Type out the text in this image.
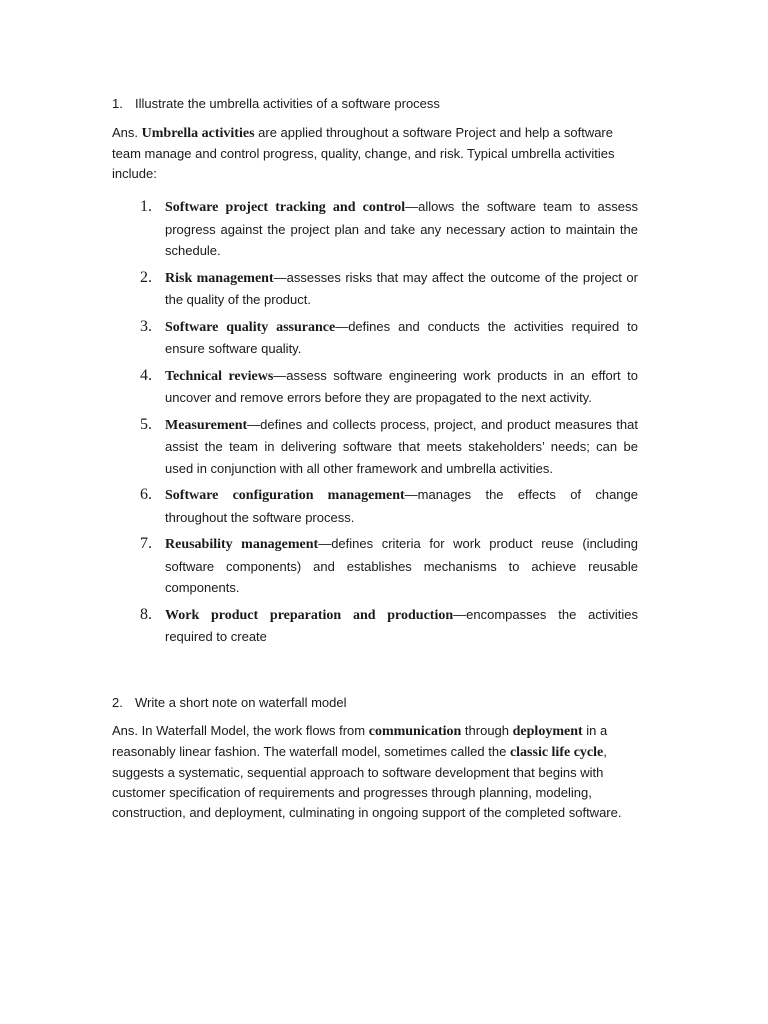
1. Illustrate the umbrella activities of a software process

Ans. Umbrella activities are applied throughout a software Project and help a software team manage and control progress, quality, change, and risk. Typical umbrella activities include:

1. Software project tracking and control—allows the software team to assess progress against the project plan and take any necessary action to maintain the schedule.
2. Risk management—assesses risks that may affect the outcome of the project or the quality of the product.
3. Software quality assurance—defines and conducts the activities required to ensure software quality.
4. Technical reviews—assess software engineering work products in an effort to uncover and remove errors before they are propagated to the next activity.
5. Measurement—defines and collects process, project, and product measures that assist the team in delivering software that meets stakeholders’ needs; can be used in conjunction with all other framework and umbrella activities.
6. Software configuration management—manages the effects of change throughout the software process.
7. Reusability management—defines criteria for work product reuse (including software components) and establishes mechanisms to achieve reusable components.
8. Work product preparation and production—encompasses the activities required to create
2. Write a short note on waterfall model

Ans. In Waterfall Model, the work flows from communication through deployment in a reasonably linear fashion. The waterfall model, sometimes called the classic life cycle, suggests a systematic, sequential approach to software development that begins with customer specification of requirements and progresses through planning, modeling, construction, and deployment, culminating in ongoing support of the completed software.
